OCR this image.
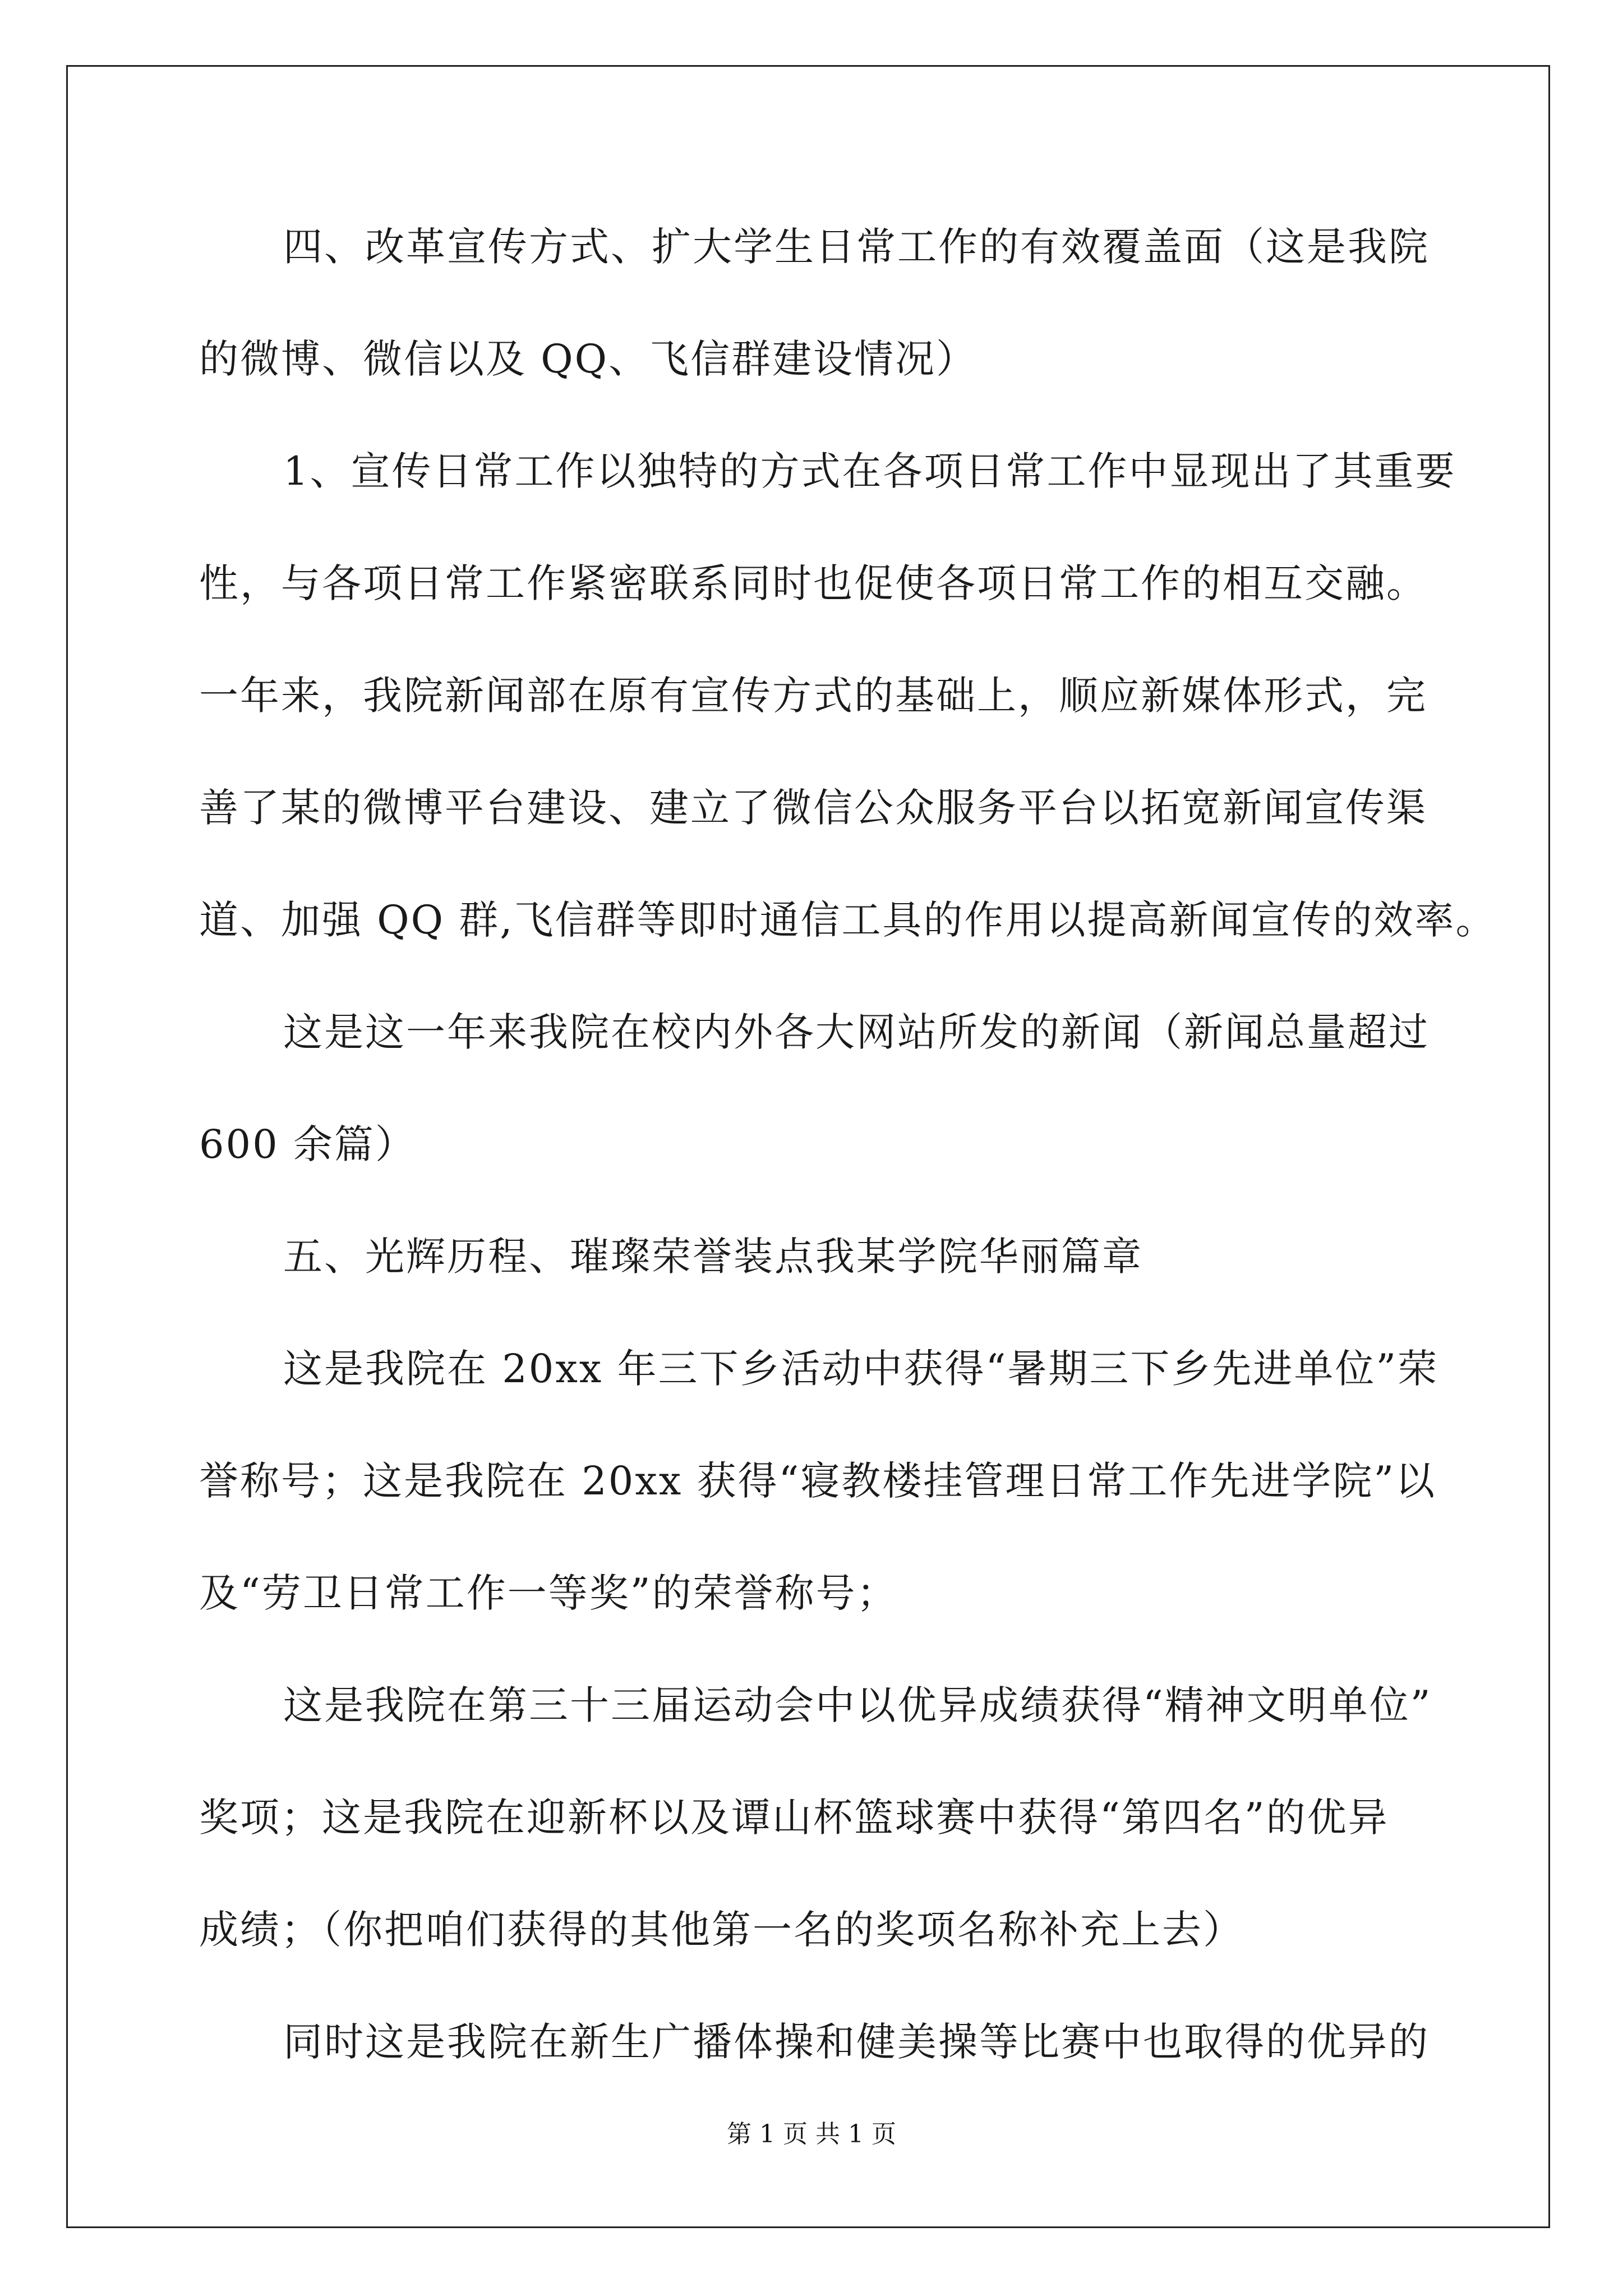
四、改革宣传方式、扩大学生日常工作的有效覆盖面（这是我院
的微博、微信以及 QQ、飞信群建设情况）
1、宣传日常工作以独特的方式在各项日常工作中显现出了其重要
性，与各项日常工作紧密联系同时也促使各项日常工作的相互交融。
一年来，我院新闻部在原有宣传方式的基础上，顺应新媒体形式，完
善了某的微博平台建设、建立了微信公众服务平台以拓宽新闻宣传渠
道、加强 QQ 群,飞信群等即时通信工具的作用以提高新闻宣传的效率。
这是这一年来我院在校内外各大网站所发的新闻（新闻总量超过
600 余篇）
五、光辉历程、璀璨荣誉装点我某学院华丽篇章
这是我院在 20xx 年三下乡活动中获得“暑期三下乡先进单位”荣
誉称号；这是我院在 20xx 获得“寝教楼挂管理日常工作先进学院”以
及“劳卫日常工作一等奖”的荣誉称号；
这是我院在第三十三届运动会中以优异成绩获得“精神文明单位”
奖项；这是我院在迎新杯以及谭山杯篮球赛中获得“第四名”的优异
成绩；（你把咱们获得的其他第一名的奖项名称补充上去）
同时这是我院在新生广播体操和健美操等比赛中也取得的优异的
第 1 页 共 1 页
